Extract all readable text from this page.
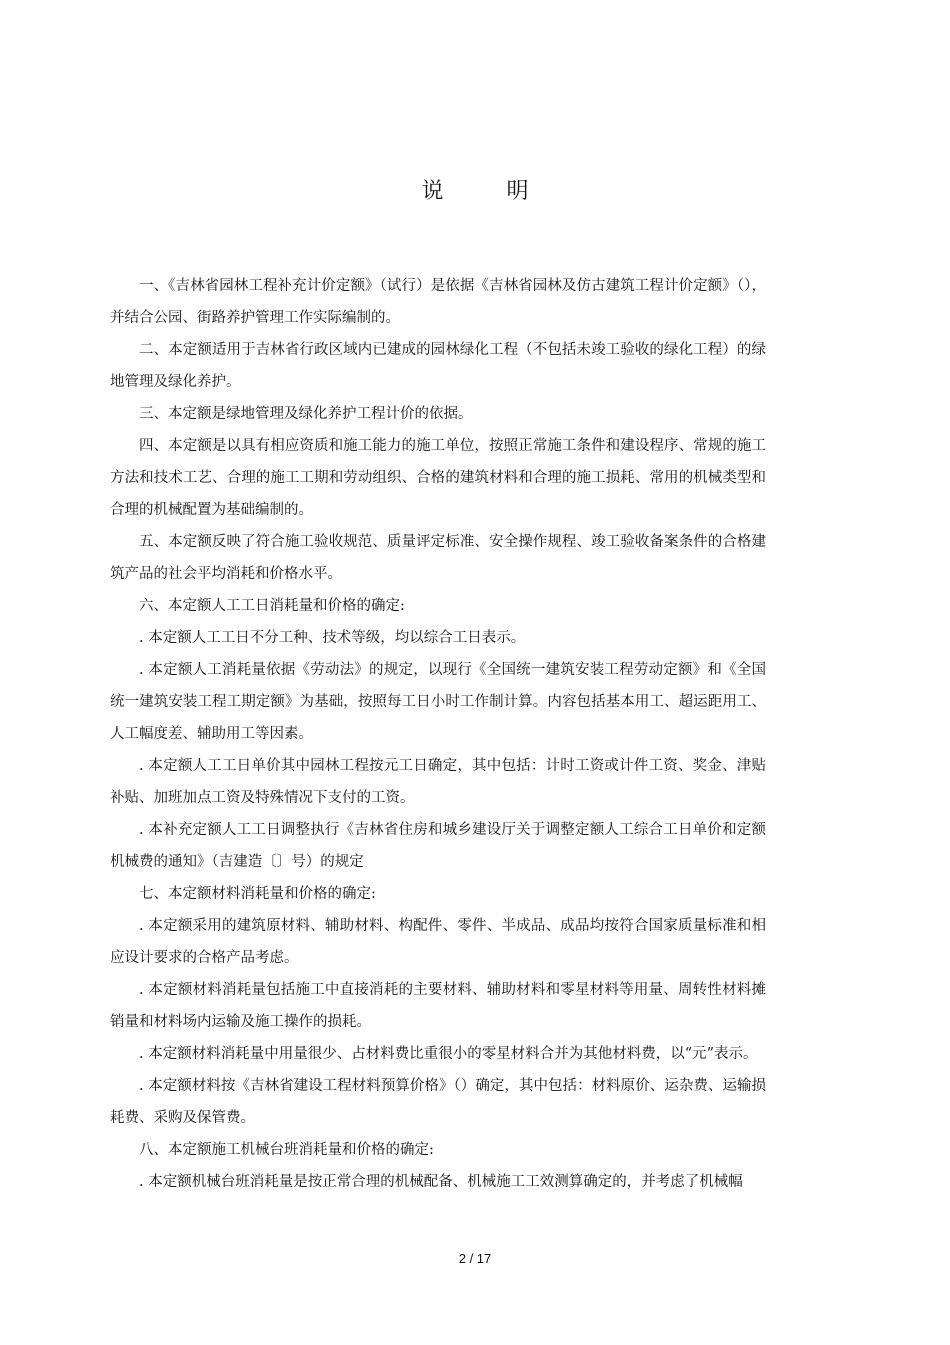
说 明

一、《吉林省园林工程补充计价定额》（试行）是依据《吉林省园林及仿古建筑工程计价定额》（），并结合公园、街路养护管理工作实际编制的。

二、本定额适用于吉林省行政区域内已建成的园林绿化工程（不包括未竣工验收的绿化工程）的绿地管理及绿化养护。

三、本定额是绿地管理及绿化养护工程计价的依据。

四、本定额是以具有相应资质和施工能力的施工单位，按照正常施工条件和建设程序、常规的施工方法和技术工艺、合理的施工工期和劳动组织、合格的建筑材料和合理的施工损耗、常用的机械类型和合理的机械配置为基础编制的。

五、本定额反映了符合施工验收规范、质量评定标准、安全操作规程、竣工验收备案条件的合格建筑产品的社会平均消耗和价格水平。

六、本定额人工工日消耗量和价格的确定:

. 本定额人工工日不分工种、技术等级，均以综合工日表示。

. 本定额人工消耗量依据《劳动法》的规定，以现行《全国统一建筑安装工程劳动定额》和《全国统一建筑安装工程工期定额》为基础，按照每工日小时工作制计算。内容包括基本用工、超运距用工、人工幅度差、辅助用工等因素。

. 本定额人工工日单价其中园林工程按元工日确定，其中包括：计时工资或计件工资、奖金、津贴补贴、加班加点工资及特殊情况下支付的工资。

. 本补充定额人工工日调整执行《吉林省住房和城乡建设厅关于调整定额人工综合工日单价和定额机械费的通知》（吉建造〔〕号）的规定

七、本定额材料消耗量和价格的确定:

. 本定额采用的建筑原材料、辅助材料、构配件、零件、半成品、成品均按符合国家质量标准和相应设计要求的合格产品考虑。

. 本定额材料消耗量包括施工中直接消耗的主要材料、辅助材料和零星材料等用量、周转性材料摊销量和材料场内运输及施工操作的损耗。

. 本定额材料消耗量中用量很少、占材料费比重很小的零星材料合并为其他材料费，以“元”表示。

. 本定额材料按《吉林省建设工程材料预算价格》（）确定，其中包括：材料原价、运杂费、运输损耗费、采购及保管费。

八、本定额施工机械台班消耗量和价格的确定:

. 本定额机械台班消耗量是按正常合理的机械配备、机械施工工效测算确定的，并考虑了机械幅

2 / 17
